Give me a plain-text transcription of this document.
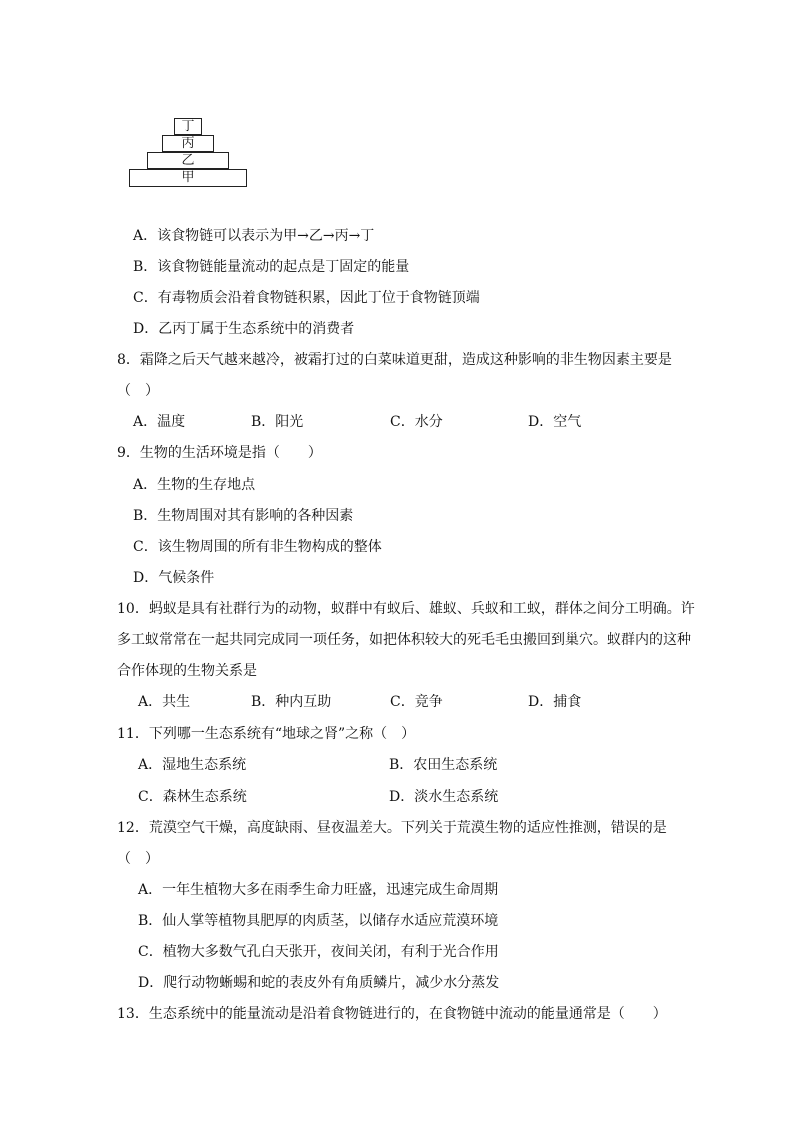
丁
丙
乙
甲
A．该食物链可以表示为甲→乙→丙→丁
B．该食物链能量流动的起点是丁固定的能量
C．有毒物质会沿着食物链积累，因此丁位于食物链顶端
D．乙丙丁属于生态系统中的消费者
8．霜降之后天气越来越冷，被霜打过的白菜味道更甜，造成这种影响的非生物因素主要是
（　）
A．温度	B．阳光	C．水分	D．空气
9．生物的生活环境是指（　　）
A．生物的生存地点
B．生物周围对其有影响的各种因素
C．该生物周围的所有非生物构成的整体
D．气候条件
10．蚂蚁是具有社群行为的动物，蚁群中有蚁后、雄蚁、兵蚁和工蚁，群体之间分工明确。许
多工蚁常常在一起共同完成同一项任务，如把体积较大的死毛毛虫搬回到巢穴。蚁群内的这种
合作体现的生物关系是
A．共生	B．种内互助	C．竞争	D．捕食
11．下列哪一生态系统有“地球之肾”之称（　）
A．湿地生态系统	B．农田生态系统
C．森林生态系统	D．淡水生态系统
12．荒漠空气干燥，高度缺雨、昼夜温差大。下列关于荒漠生物的适应性推测，错误的是
（　）
A．一年生植物大多在雨季生命力旺盛，迅速完成生命周期
B．仙人掌等植物具肥厚的肉质茎，以储存水适应荒漠环境
C．植物大多数气孔白天张开，夜间关闭，有利于光合作用
D．爬行动物蜥蜴和蛇的表皮外有角质鳞片，减少水分蒸发
13．生态系统中的能量流动是沿着食物链进行的，在食物链中流动的能量通常是（　　）
